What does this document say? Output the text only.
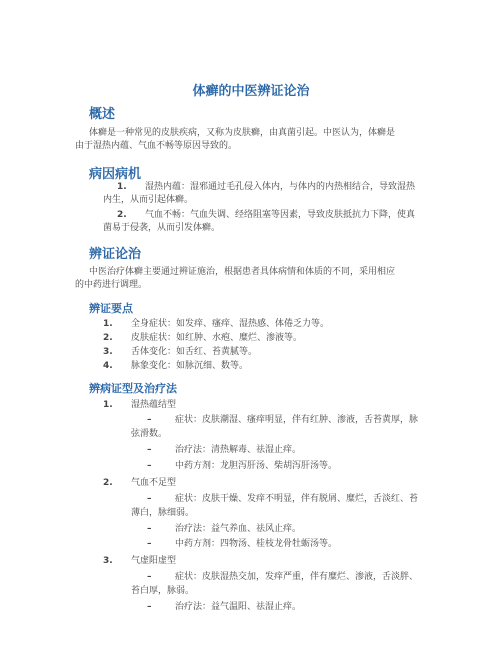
体癣的中医辨证论治
概述
体癣是一种常见的皮肤疾病，又称为皮肤癣，由真菌引起。中医认为，体癣是
由于湿热内蕴、气血不畅等原因导致的。
病因病机
1. 湿热内蕴：湿邪通过毛孔侵入体内，与体内的内热相结合，导致湿热
内生，从而引起体癣。
2. 气血不畅：气血失调、经络阻塞等因素，导致皮肤抵抗力下降，使真
菌易于侵袭，从而引发体癣。
辨证论治
中医治疗体癣主要通过辨证施治，根据患者具体病情和体质的不同，采用相应
的中药进行调理。
辨证要点
1. 全身症状：如发痒、瘙痒、湿热感、体倦乏力等。
2. 皮肤症状：如红肿、水疱、糜烂、渗液等。
3. 舌体变化：如舌红、苔黄腻等。
4. 脉象变化：如脉沉细、数等。
辨病证型及治疗法
1. 湿热蕴结型
–	症状：皮肤潮湿、瘙痒明显，伴有红肿、渗液，舌苔黄厚，脉
弦滑数。
–	治疗法：清热解毒、祛湿止痒。
–	中药方剂：龙胆泻肝汤、柴胡泻肝汤等。
2. 气血不足型
–	症状：皮肤干燥、发痒不明显，伴有脱屑、糜烂，舌淡红、苔
薄白，脉细弱。
–	治疗法：益气养血、祛风止痒。
–	中药方剂：四物汤、桂枝龙骨牡蛎汤等。
3. 气虚阳虚型
–	症状：皮肤湿热交加，发痒严重，伴有糜烂、渗液，舌淡胖、
苔白厚，脉弱。
–	治疗法：益气温阳、祛湿止痒。
